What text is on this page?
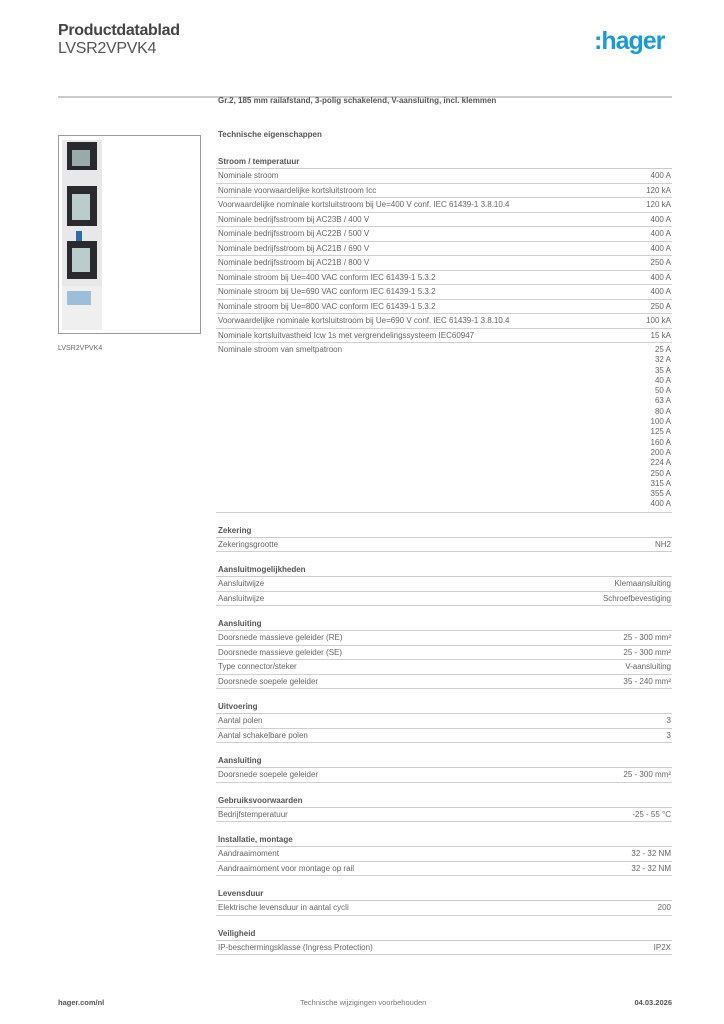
Productdatablad
LVSR2VPVK4	:hager
LVSR2VPVK4
Gr.2, 185 mm railafstand, 3-polig schakelend, V-aansluitng, incl. klemmen
Technische eigenschappen
Stroom / temperatuur
Nominale stroom	400 A
Nominale voorwaardelijke kortsluitstroom Icc	120 kA
Voorwaardelijke nominale kortsluitstroom bij Ue=400 V conf. IEC 61439-1 3.8.10.4	120 kA
Nominale bedrijfsstroom bij AC23B / 400 V	400 A
Nominale bedrijfsstroom bij AC22B / 500 V	400 A
Nominale bedrijfsstroom bij AC21B / 690 V	400 A
Nominale bedrijfsstroom bij AC21B / 800 V	250 A
Nominale stroom bij Ue=400 VAC conform IEC 61439-1 5.3.2	400 A
Nominale stroom bij Ue=690 VAC conform IEC 61439-1 5.3.2	400 A
Nominale stroom bij Ue=800 VAC conform IEC 61439-1 5.3.2	250 A
Voorwaardelijke nominale kortsluitstroom bij Ue=690 V conf. IEC 61439-1 3.8.10.4	100 kA
Nominale kortsluitvastheid Icw 1s met vergrendelingssysteem IEC60947	15 kA
Nominale stroom van smeltpatroon	25 A
32 A
35 A
40 A
50 A
63 A
80 A
100 A
125 A
160 A
200 A
224 A
250 A
315 A
355 A
400 A
Zekering
Zekeringsgrootte	NH2
Aansluitmogelijkheden
Aansluitwijze	Klemaansluiting
Aansluitwijze	Schroefbevestiging
Aansluiting
Doorsnede massieve geleider (RE)	25 - 300 mm²
Doorsnede massieve geleider (SE)	25 - 300 mm²
Type connector/steker	V-aansluiting
Doorsnede soepele geleider	35 - 240 mm²
Uitvoering
Aantal polen	3
Aantal schakelbare polen	3
Aansluiting
Doorsnede soepele geleider	25 - 300 mm²
Gebruiksvoorwaarden
Bedrijfstemperatuur	-25 - 55 °C
Installatie, montage
Aandraaimoment	32 - 32 NM
Aandraaimoment voor montage op rail	32 - 32 NM
Levensduur
Elektrische levensduur in aantal cycli	200
Veiligheid
IP-beschermingsklasse (Ingress Protection)	IP2X
hager.com/nl	Technische wijzigingen voorbehouden	04.03.2026
